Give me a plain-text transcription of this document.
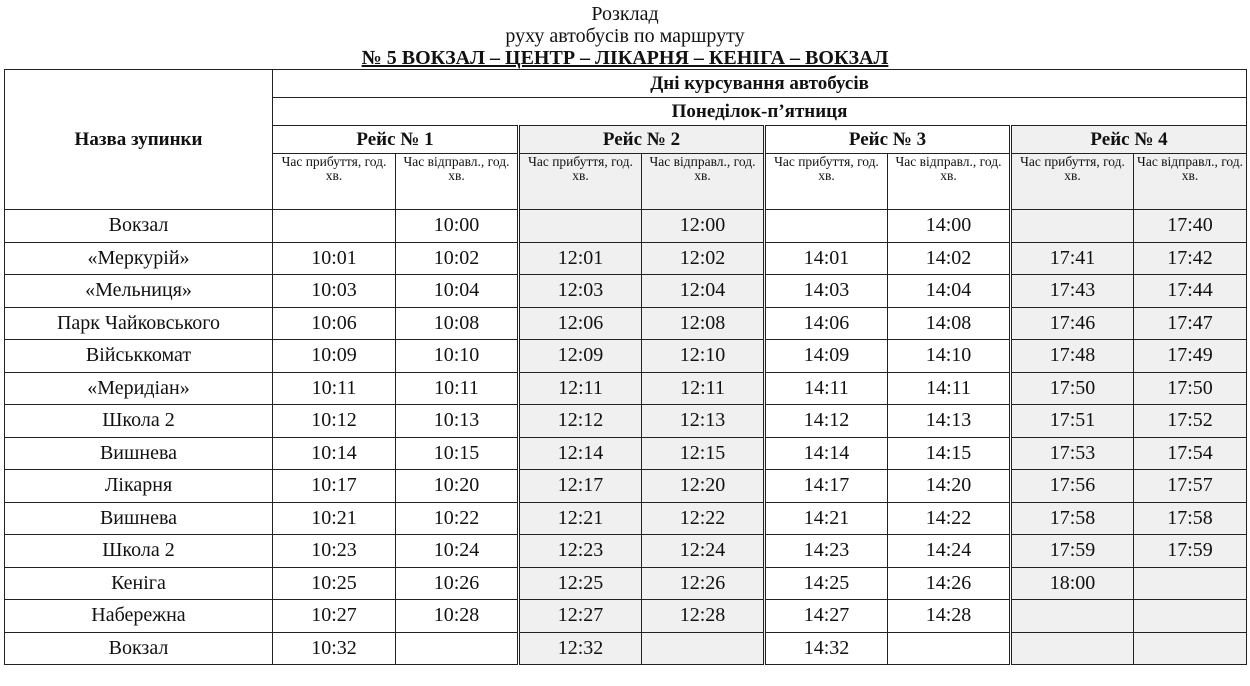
Розклад
руху автобусів по маршруту
№ 5 ВОКЗАЛ – ЦЕНТР – ЛІКАРНЯ – КЕНІГА – ВОКЗАЛ
Назва зупинки	Дні курсування автобусів							
	Понеділок-п’ятниця							
	Рейс № 1		Рейс № 2		Рейс № 3		Рейс № 4	
	Час прибуття, год. хв.	Час відправл., год. хв.	Час прибуття, год. хв.	Час відправл., год. хв.	Час прибуття, год. хв.	Час відправл., год. хв.	Час прибуття, год. хв.	Час відправл., год. хв.
Вокзал		10:00		12:00		14:00		17:40
«Меркурій»	10:01	10:02	12:01	12:02	14:01	14:02	17:41	17:42
«Мельниця»	10:03	10:04	12:03	12:04	14:03	14:04	17:43	17:44
Парк Чайковського	10:06	10:08	12:06	12:08	14:06	14:08	17:46	17:47
Військкомат	10:09	10:10	12:09	12:10	14:09	14:10	17:48	17:49
«Меридіан»	10:11	10:11	12:11	12:11	14:11	14:11	17:50	17:50
Школа 2	10:12	10:13	12:12	12:13	14:12	14:13	17:51	17:52
Вишнева	10:14	10:15	12:14	12:15	14:14	14:15	17:53	17:54
Лікарня	10:17	10:20	12:17	12:20	14:17	14:20	17:56	17:57
Вишнева	10:21	10:22	12:21	12:22	14:21	14:22	17:58	17:58
Школа 2	10:23	10:24	12:23	12:24	14:23	14:24	17:59	17:59
Кеніга	10:25	10:26	12:25	12:26	14:25	14:26	18:00	
Набережна	10:27	10:28	12:27	12:28	14:27	14:28		
Вокзал	10:32		12:32		14:32			
